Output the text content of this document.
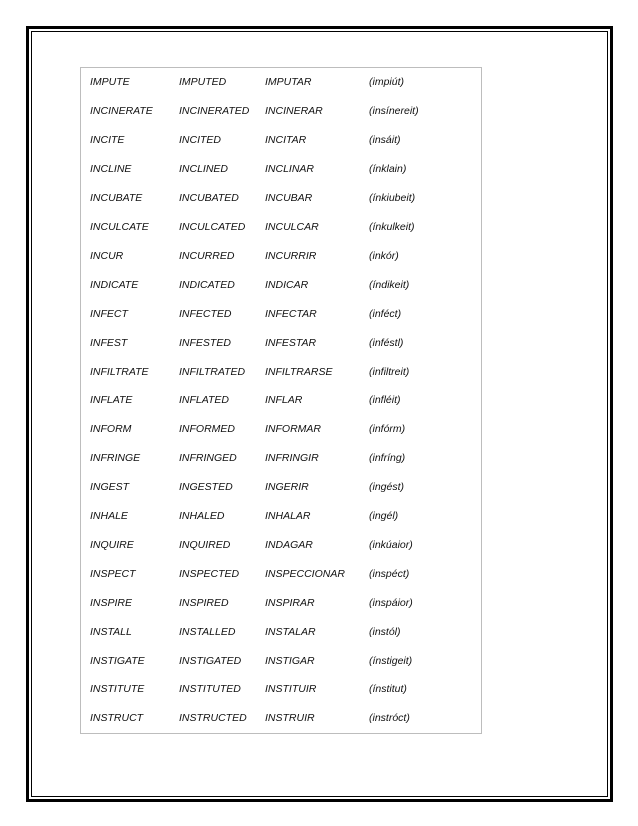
IMPUTE	IMPUTED	IMPUTAR	(impiút)
INCINERATE	INCINERATED	INCINERAR	(insínereit)
INCITE	INCITED	INCITAR	(insáit)
INCLINE	INCLINED	INCLINAR	(ínklain)
INCUBATE	INCUBATED	INCUBAR	(ínkiubeit)
INCULCATE	INCULCATED	INCULCAR	(ínkulkeit)
INCUR	INCURRED	INCURRIR	(inkór)
INDICATE	INDICATED	INDICAR	(índikeit)
INFECT	INFECTED	INFECTAR	(inféct)
INFEST	INFESTED	INFESTAR	(inféstl)
INFILTRATE	INFILTRATED	INFILTRARSE	(infiltreit)
INFLATE	INFLATED	INFLAR	(infléit)
INFORM	INFORMED	INFORMAR	(infórm)
INFRINGE	INFRINGED	INFRINGIR	(infríng)
INGEST	INGESTED	INGERIR	(ingést)
INHALE	INHALED	INHALAR	(ingél)
INQUIRE	INQUIRED	INDAGAR	(inkúaior)
INSPECT	INSPECTED	INSPECCIONAR	(inspéct)
INSPIRE	INSPIRED	INSPIRAR	(inspáior)
INSTALL	INSTALLED	INSTALAR	(instól)
INSTIGATE	INSTIGATED	INSTIGAR	(ínstigeit)
INSTITUTE	INSTITUTED	INSTITUIR	(ínstitut)
INSTRUCT	INSTRUCTED	INSTRUIR	(instróct)
